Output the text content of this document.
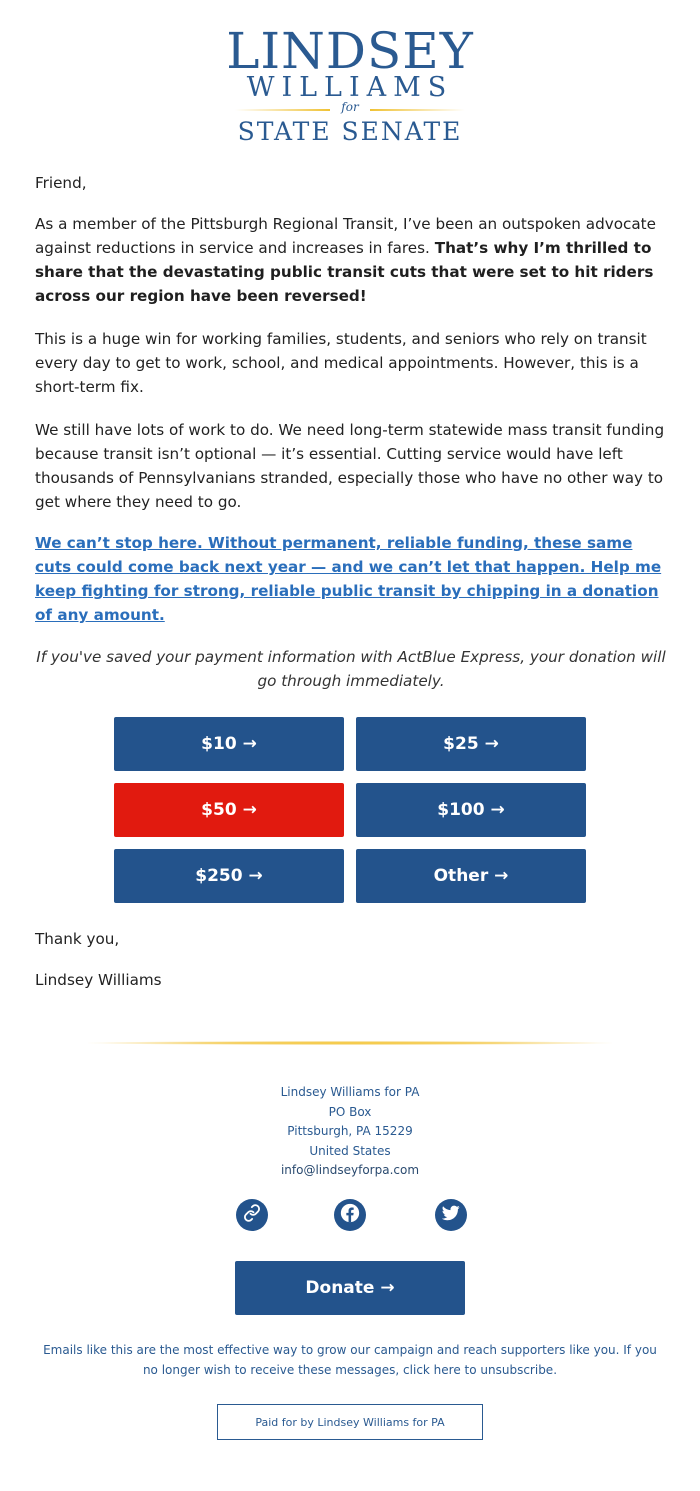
LINDSEY
WILLIAMS
for
STATE SENATE

Friend,

As a member of the Pittsburgh Regional Transit, I’ve been an outspoken advocate against reductions in service and increases in fares. That’s why I’m thrilled to share that the devastating public transit cuts that were set to hit riders across our region have been reversed!

This is a huge win for working families, students, and seniors who rely on transit every day to get to work, school, and medical appointments. However, this is a short-term fix.

We still have lots of work to do. We need long-term statewide mass transit funding because transit isn’t optional — it’s essential. Cutting service would have left thousands of Pennsylvanians stranded, especially those who have no other way to get where they need to go.

We can’t stop here. Without permanent, reliable funding, these same cuts could come back next year — and we can’t let that happen. Help me keep fighting for strong, reliable public transit by chipping in a donation of any amount.

If you've saved your payment information with ActBlue Express, your donation will go through immediately.

$10 →	$25 →
$50 →	$100 →
$250 →	Other →

Thank you,

Lindsey Williams

Lindsey Williams for PA
PO Box
Pittsburgh, PA 15229
United States
info@lindseyforpa.com
Donate →
Emails like this are the most effective way to grow our campaign and reach supporters like you. If you no longer wish to receive these messages, click here to unsubscribe.
Paid for by Lindsey Williams for PA
